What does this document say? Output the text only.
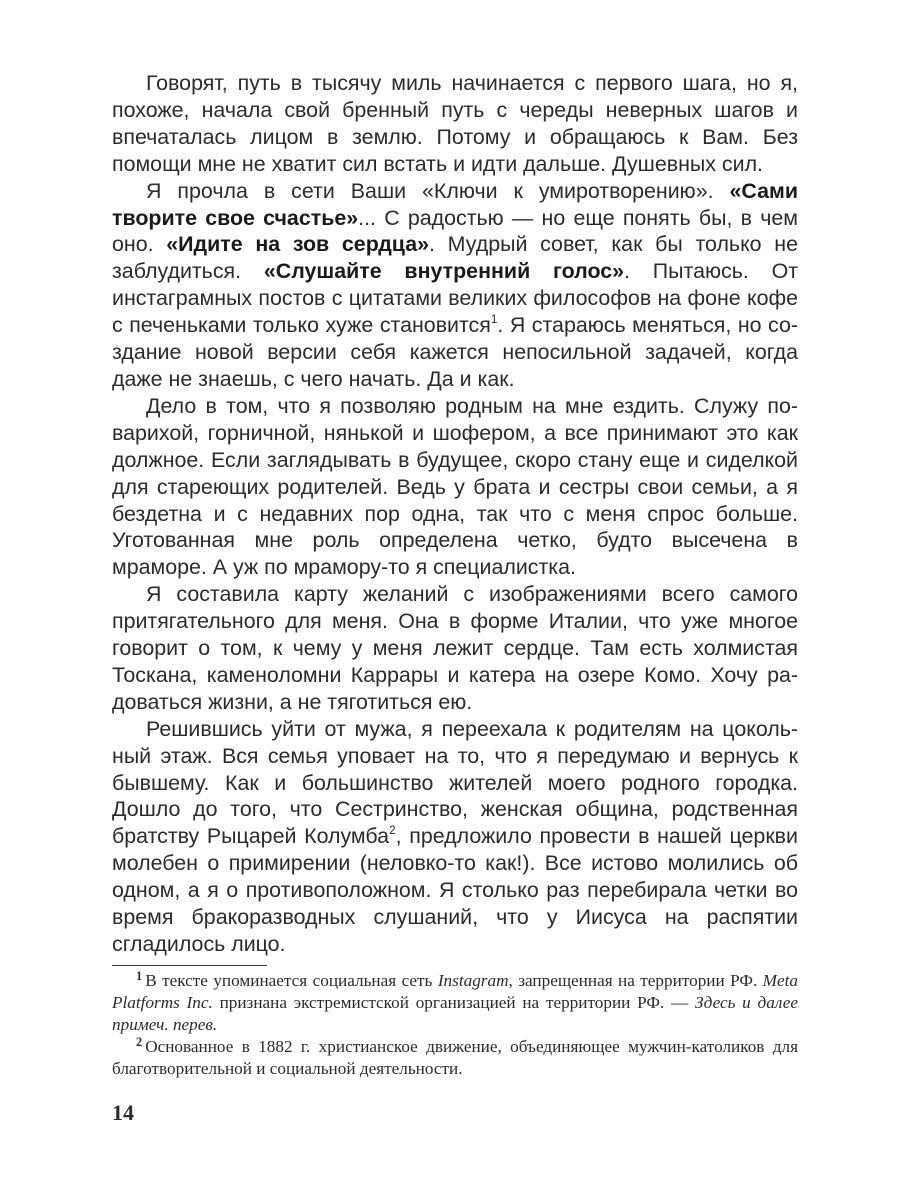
Говорят, путь в тысячу миль начинается с первого шага, но я, похоже, начала свой бренный путь с череды неверных шагов и впечаталась лицом в землю. Потому и обращаюсь к Вам. Без помощи мне не хватит сил встать и идти дальше. Душевных сил.

Я прочла в сети Ваши «Ключи к умиротворению». «Сами творите свое счастье»... С радостью — но еще понять бы, в чем оно. «Идите на зов сердца». Мудрый совет, как бы только не заблудиться. «Слушайте внутренний голос». Пытаюсь. От инстаграмных постов с цитатами великих философов на фоне кофе с печеньками только хуже становится$^1$. Я стараюсь меняться, но создание новой версии себя кажется непосильной задачей, когда даже не знаешь, с чего начать. Да и как.

Дело в том, что я позволяю родным на мне ездить. Служу поварихой, горничной, нянькой и шофером, а все принимают это как должное. Если заглядывать в будущее, скоро стану еще и сиделкой для стареющих родителей. Ведь у брата и сестры свои семьи, а я бездетна и с недавних пор одна, так что с меня спрос больше. Уготованная мне роль определена четко, будто высечена в мраморе. А уж по мрамору-то я специалистка.

Я составила карту желаний с изображениями всего самого притягательного для меня. Она в форме Италии, что уже многое говорит о том, к чему у меня лежит сердце. Там есть холмистая Тоскана, каменоломни Каррары и катера на озере Комо. Хочу радоваться жизни, а не тяготиться ею.

Решившись уйти от мужа, я переехала к родителям на цокольный этаж. Вся семья уповает на то, что я передумаю и вернусь к бывшему. Как и большинство жителей моего родного городка. Дошло до того, что Сестринство, женская община, родственная братству Рыцарей Колумба$^2$, предложило провести в нашей церкви молебен о примирении (неловко-то как!). Все истово молились об одном, а я о противоположном. Я столько раз перебирала четки во время бракоразводных слушаний, что у Иисуса на распятии сгладилось лицо.

$^1$ В тексте упоминается социальная сеть Instagram, запрещенная на территории РФ. Meta Platforms Inc. признана экстремистской организацией на территории РФ. — Здесь и далее примеч. перев.

$^2$ Основанное в 1882 г. христианское движение, объединяющее мужчин-католиков для благотворительной и социальной деятельности.

14
